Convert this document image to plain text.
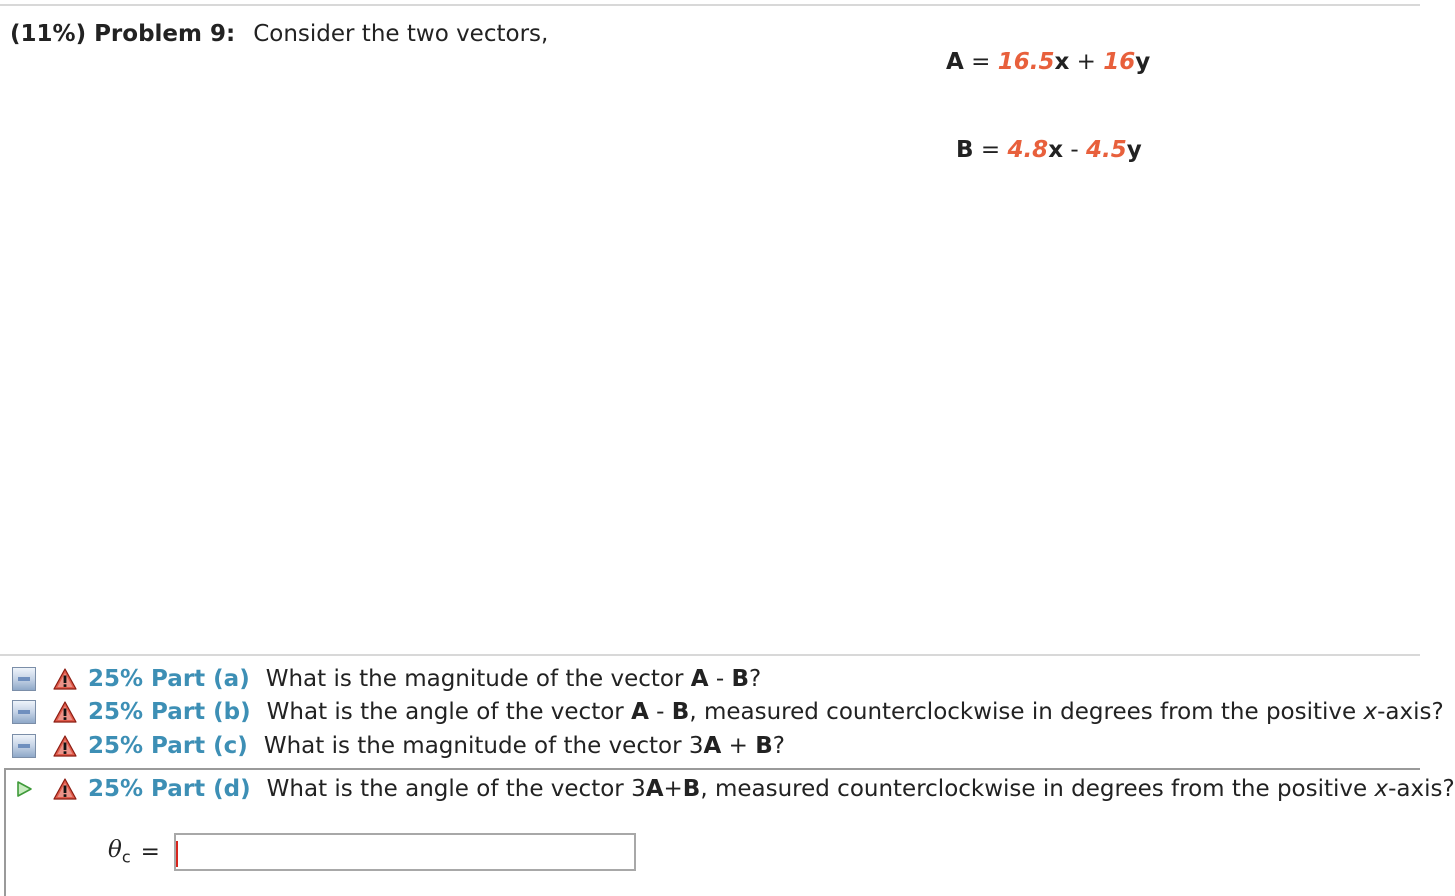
(11%) Problem 9: Consider the two vectors,
A = 16.5x + 16y
B = 4.8x - 4.5y
25% Part (a) What is the magnitude of the vector A - B?
25% Part (b) What is the angle of the vector A - B, measured counterclockwise in degrees from the positive x-axis?
25% Part (c) What is the magnitude of the vector 3A + B?
25% Part (d) What is the angle of the vector 3A+B, measured counterclockwise in degrees from the positive x-axis?
$\theta_c$ =
